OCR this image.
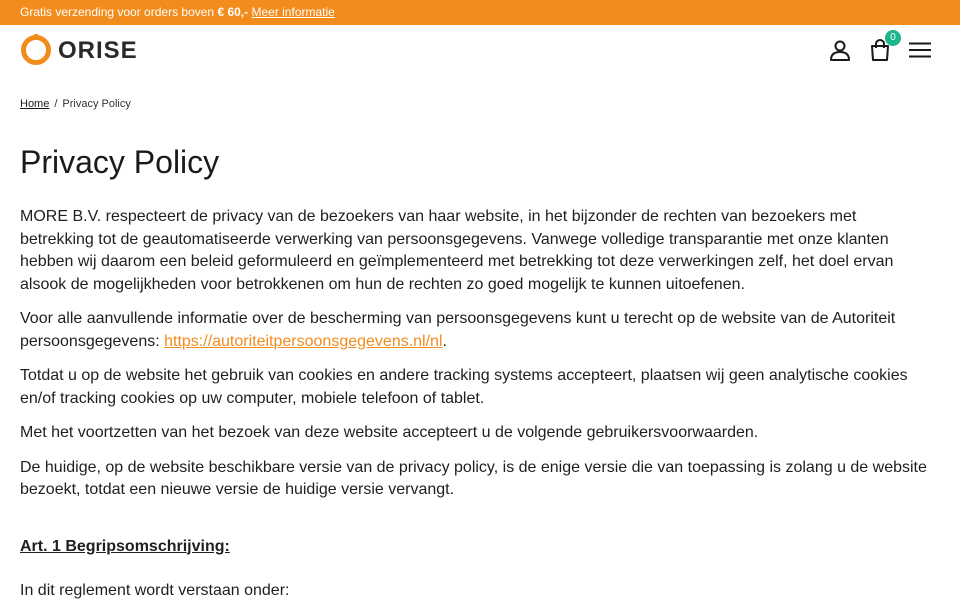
Gratis verzending voor orders boven € 60,- Meer informatie
ORISE	0
Home / Privacy Policy
Privacy Policy

MORE B.V. respecteert de privacy van de bezoekers van haar website, in het bijzonder de rechten van bezoekers met betrekking tot de geautomatiseerde verwerking van persoonsgegevens. Vanwege volledige transparantie met onze klanten hebben wij daarom een beleid geformuleerd en geïmplementeerd met betrekking tot deze verwerkingen zelf, het doel ervan alsook de mogelijkheden voor betrokkenen om hun de rechten zo goed mogelijk te kunnen uitoefenen.

Voor alle aanvullende informatie over de bescherming van persoonsgegevens kunt u terecht op de website van de Autoriteit persoonsgegevens: https://autoriteitpersoonsgegevens.nl/nl.

Totdat u op de website het gebruik van cookies en andere tracking systems accepteert, plaatsen wij geen analytische cookies en/of tracking cookies op uw computer, mobiele telefoon of tablet.

Met het voortzetten van het bezoek van deze website accepteert u de volgende gebruikersvoorwaarden.

De huidige, op de website beschikbare versie van de privacy policy, is de enige versie die van toepassing is zolang u de website bezoekt, totdat een nieuwe versie de huidige versie vervangt.

Art. 1 Begripsomschrijving:

In dit reglement wordt verstaan onder:
